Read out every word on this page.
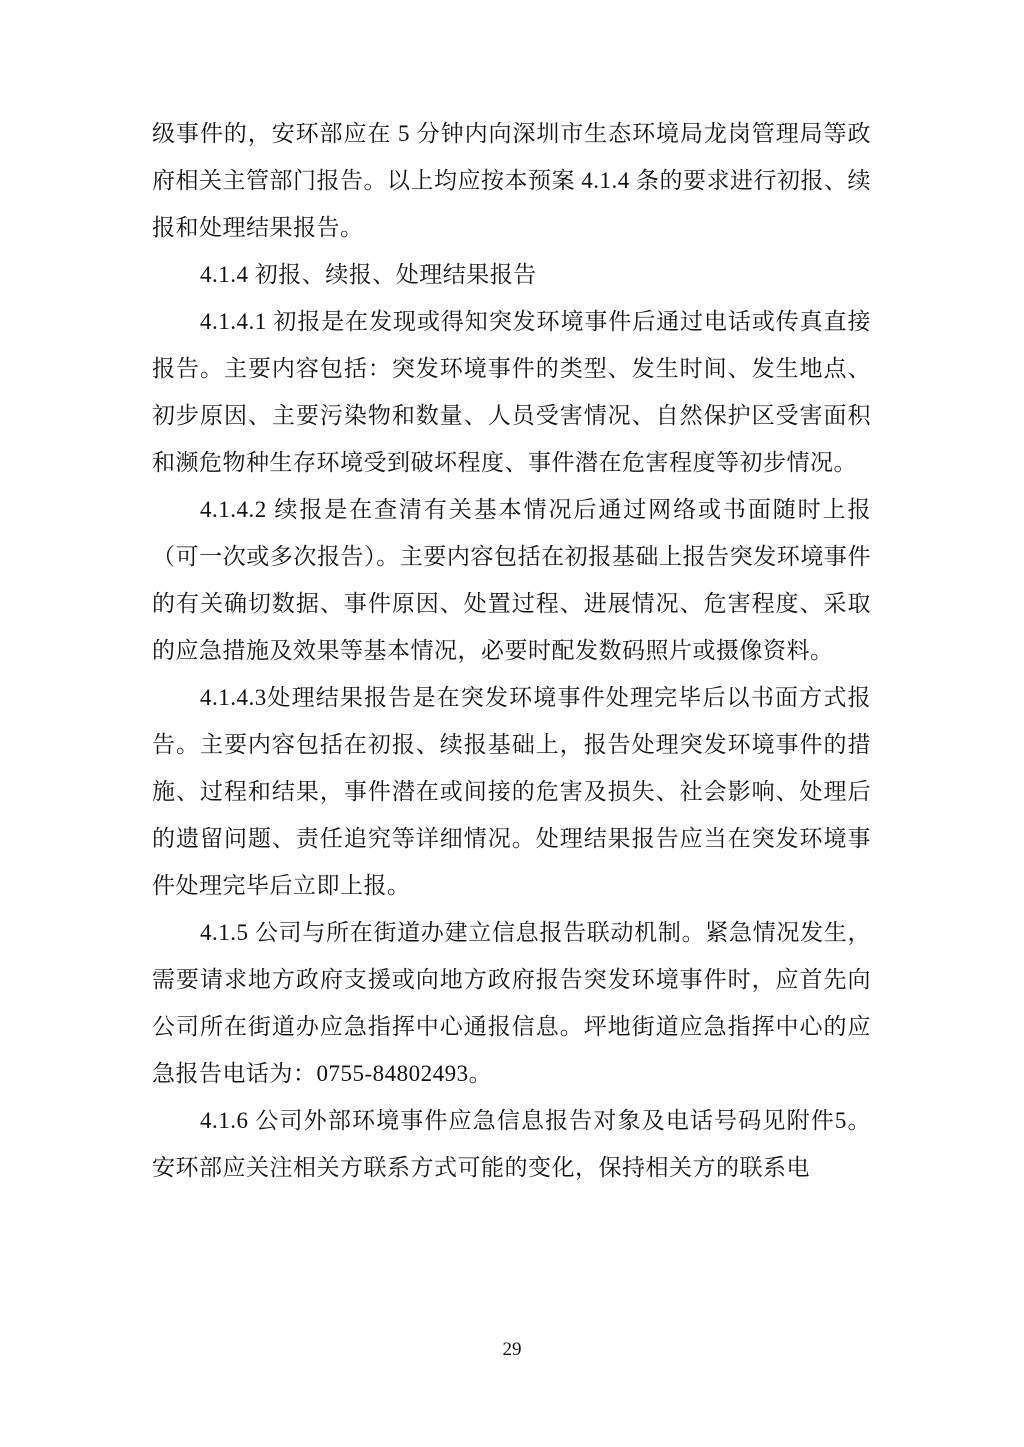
级事件的，安环部应在 5 分钟内向深圳市生态环境局龙岗管理局等政府相关主管部门报告。以上均应按本预案 4.1.4 条的要求进行初报、续报和处理结果报告。

4.1.4 初报、续报、处理结果报告

4.1.4.1 初报是在发现或得知突发环境事件后通过电话或传真直接报告。主要内容包括：突发环境事件的类型、发生时间、发生地点、初步原因、主要污染物和数量、人员受害情况、自然保护区受害面积和濒危物种生存环境受到破坏程度、事件潜在危害程度等初步情况。

4.1.4.2 续报是在查清有关基本情况后通过网络或书面随时上报（可一次或多次报告）。主要内容包括在初报基础上报告突发环境事件的有关确切数据、事件原因、处置过程、进展情况、危害程度、采取的应急措施及效果等基本情况，必要时配发数码照片或摄像资料。

4.1.4.3处理结果报告是在突发环境事件处理完毕后以书面方式报告。主要内容包括在初报、续报基础上，报告处理突发环境事件的措施、过程和结果，事件潜在或间接的危害及损失、社会影响、处理后的遗留问题、责任追究等详细情况。处理结果报告应当在突发环境事件处理完毕后立即上报。

4.1.5 公司与所在街道办建立信息报告联动机制。紧急情况发生，需要请求地方政府支援或向地方政府报告突发环境事件时，应首先向公司所在街道办应急指挥中心通报信息。坪地街道应急指挥中心的应急报告电话为：0755-84802493。

4.1.6 公司外部环境事件应急信息报告对象及电话号码见附件5。安环部应关注相关方联系方式可能的变化，保持相关方的联系电

29
